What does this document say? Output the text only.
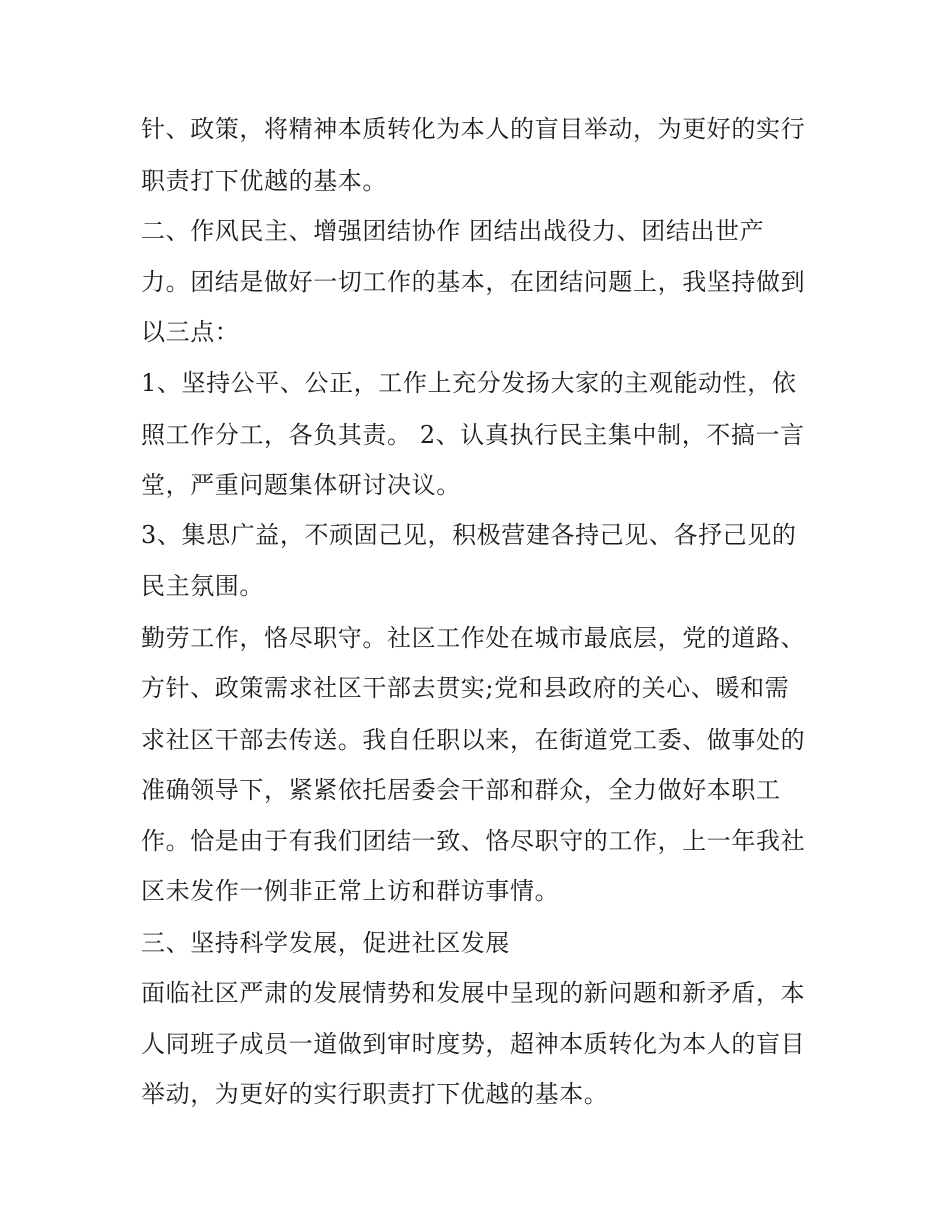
针、政策，将精神本质转化为本人的盲目举动，为更好的实行
职责打下优越的基本。
二、作风民主、增强团结协作 团结出战役力、团结出世产
力。团结是做好一切工作的基本，在团结问题上，我坚持做到
以三点：
1、坚持公平、公正，工作上充分发扬大家的主观能动性，依
照工作分工，各负其责。 2、认真执行民主集中制，不搞一言
堂，严重问题集体研讨决议。
3、集思广益，不顽固己见，积极营建各持己见、各抒己见的
民主氛围。
勤劳工作，恪尽职守。社区工作处在城市最底层，党的道路、
方针、政策需求社区干部去贯实;党和县政府的关心、暖和需
求社区干部去传送。我自任职以来，在街道党工委、做事处的
准确领导下，紧紧依托居委会干部和群众，全力做好本职工
作。恰是由于有我们团结一致、恪尽职守的工作，上一年我社
区未发作一例非正常上访和群访事情。
三、坚持科学发展，促进社区发展
面临社区严肃的发展情势和发展中呈现的新问题和新矛盾，本
人同班子成员一道做到审时度势，超神本质转化为本人的盲目
举动，为更好的实行职责打下优越的基本。
